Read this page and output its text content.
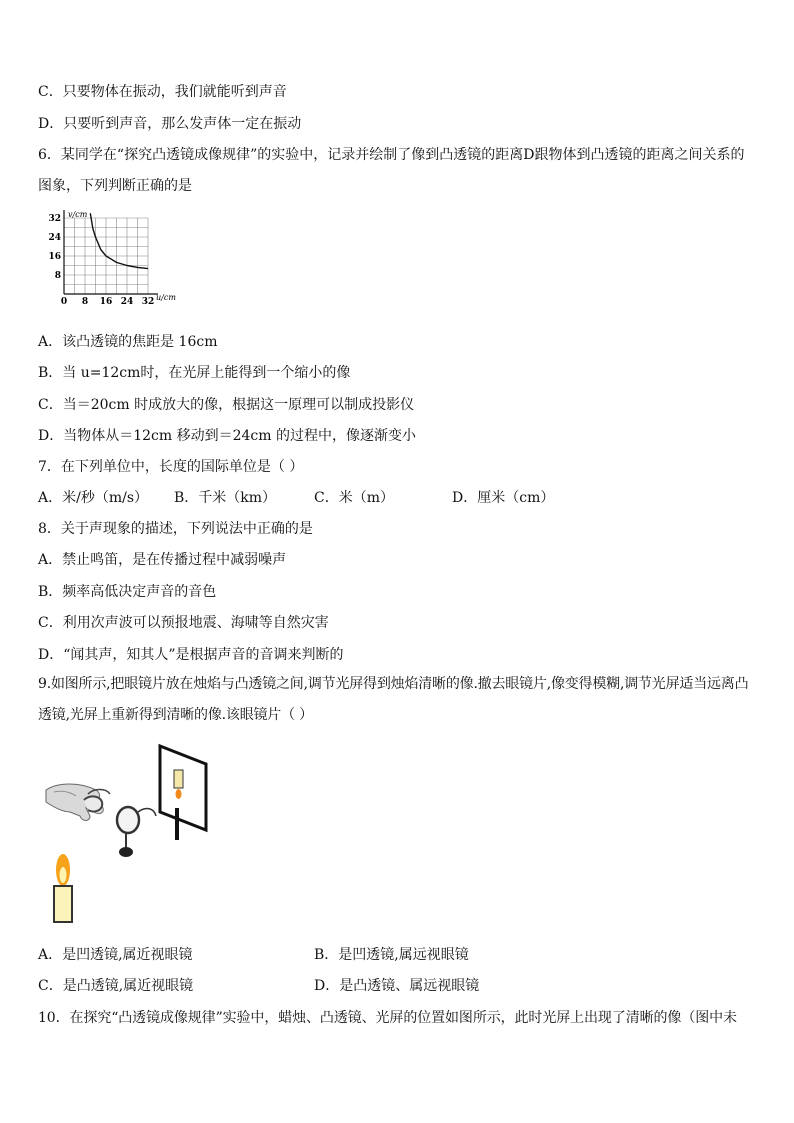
C．只要物体在振动，我们就能听到声音
D．只要听到声音，那么发声体一定在振动
6．某同学在“探究凸透镜成像规律”的实验中，记录并绘制了像到凸透镜的距离D跟物体到凸透镜的距离之间关系的
图象，下列判断正确的是
0 8 16 24 32
32
24
16
8
u/cm
v/cm
A．该凸透镜的焦距是 16cm
B．当 u=12cm时，在光屏上能得到一个缩小的像
C．当＝20cm 时成放大的像，根据这一原理可以制成投影仪
D．当物体从＝12cm 移动到＝24cm 的过程中，像逐渐变小
7．在下列单位中，长度的国际单位是（ ）
A．米/秒（m/s） B．千米（km）	C．米（m）	D．厘米（cm）
8．关于声现象的描述，下列说法中正确的是
A．禁止鸣笛，是在传播过程中减弱噪声
B．频率高低决定声音的音色
C．利用次声波可以预报地震、海啸等自然灾害
D．“闻其声，知其人”是根据声音的音调来判断的
9.如图所示,把眼镜片放在烛焰与凸透镜之间,调节光屏得到烛焰清晰的像.撤去眼镜片,像变得模糊,调节光屏适当远离凸透镜,光屏上重新得到清晰的像.该眼镜片（ ）
A．是凹透镜,属近视眼镜	B．是凹透镜,属远视眼镜
C．是凸透镜,属近视眼镜	D．是凸透镜、属远视眼镜
10．在探究“凸透镜成像规律”实验中，蜡烛、凸透镜、光屏的位置如图所示，此时光屏上出现了清晰的像（图中未
